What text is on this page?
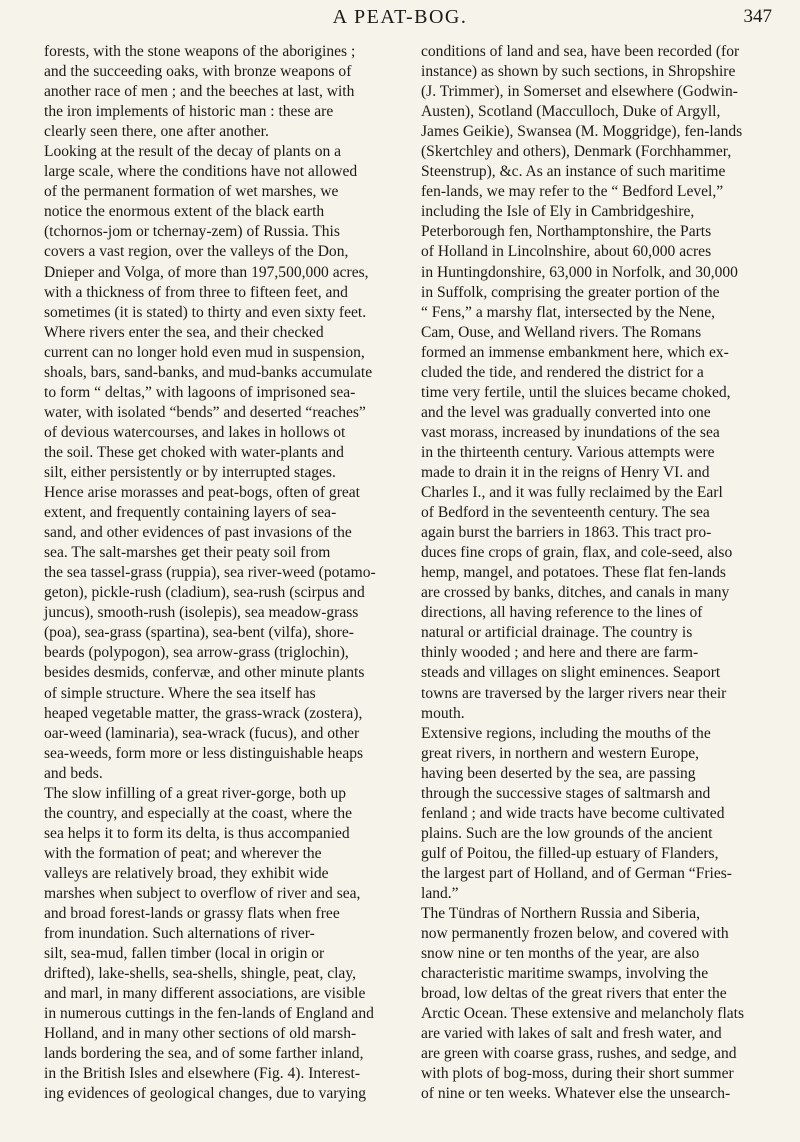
A PEAT-BOG.	347
forests, with the stone weapons of the aborigines ;
and the succeeding oaks, with bronze weapons of
another race of men ; and the beeches at last, with
the iron implements of historic man : these are
clearly seen there, one after another.
Looking at the result of the decay of plants on a
large scale, where the conditions have not allowed
of the permanent formation of wet marshes, we
notice the enormous extent of the black earth
(tchornos-jom or tchernay-zem) of Russia. This
covers a vast region, over the valleys of the Don,
Dnieper and Volga, of more than 197,500,000 acres,
with a thickness of from three to fifteen feet, and
sometimes (it is stated) to thirty and even sixty feet.
Where rivers enter the sea, and their checked
current can no longer hold even mud in suspension,
shoals, bars, sand-banks, and mud-banks accumulate
to form “ deltas,” with lagoons of imprisoned sea-
water, with isolated “bends” and deserted “reaches”
of devious watercourses, and lakes in hollows ot
the soil. These get choked with water-plants and
silt, either persistently or by interrupted stages.
Hence arise morasses and peat-bogs, often of great
extent, and frequently containing layers of sea-
sand, and other evidences of past invasions of the
sea. The salt-marshes get their peaty soil from
the sea tassel-grass (ruppia), sea river-weed (potamo-
geton), pickle-rush (cladium), sea-rush (scirpus and
juncus), smooth-rush (isolepis), sea meadow-grass
(poa), sea-grass (spartina), sea-bent (vilfa), shore-
beards (polypogon), sea arrow-grass (triglochin),
besides desmids, confervæ, and other minute plants
of simple structure. Where the sea itself has
heaped vegetable matter, the grass-wrack (zostera),
oar-weed (laminaria), sea-wrack (fucus), and other
sea-weeds, form more or less distinguishable heaps
and beds.
The slow infilling of a great river-gorge, both up
the country, and especially at the coast, where the
sea helps it to form its delta, is thus accompanied
with the formation of peat; and wherever the
valleys are relatively broad, they exhibit wide
marshes when subject to overflow of river and sea,
and broad forest-lands or grassy flats when free
from inundation. Such alternations of river-
silt, sea-mud, fallen timber (local in origin or
drifted), lake-shells, sea-shells, shingle, peat, clay,
and marl, in many different associations, are visible
in numerous cuttings in the fen-lands of England and
Holland, and in many other sections of old marsh-
lands bordering the sea, and of some farther inland,
in the British Isles and elsewhere (Fig. 4). Interest-
ing evidences of geological changes, due to varying
conditions of land and sea, have been recorded (for
instance) as shown by such sections, in Shropshire
(J. Trimmer), in Somerset and elsewhere (Godwin-
Austen), Scotland (Macculloch, Duke of Argyll,
James Geikie), Swansea (M. Moggridge), fen-lands
(Skertchley and others), Denmark (Forchhammer,
Steenstrup), &c. As an instance of such maritime
fen-lands, we may refer to the “ Bedford Level,”
including the Isle of Ely in Cambridgeshire,
Peterborough fen, Northamptonshire, the Parts
of Holland in Lincolnshire, about 60,000 acres
in Huntingdonshire, 63,000 in Norfolk, and 30,000
in Suffolk, comprising the greater portion of the
“ Fens,” a marshy flat, intersected by the Nene,
Cam, Ouse, and Welland rivers. The Romans
formed an immense embankment here, which ex-
cluded the tide, and rendered the district for a
time very fertile, until the sluices became choked,
and the level was gradually converted into one
vast morass, increased by inundations of the sea
in the thirteenth century. Various attempts were
made to drain it in the reigns of Henry VI. and
Charles I., and it was fully reclaimed by the Earl
of Bedford in the seventeenth century. The sea
again burst the barriers in 1863. This tract pro-
duces fine crops of grain, flax, and cole-seed, also
hemp, mangel, and potatoes. These flat fen-lands
are crossed by banks, ditches, and canals in many
directions, all having reference to the lines of
natural or artificial drainage. The country is
thinly wooded ; and here and there are farm-
steads and villages on slight eminences. Seaport
towns are traversed by the larger rivers near their
mouth.
Extensive regions, including the mouths of the
great rivers, in northern and western Europe,
having been deserted by the sea, are passing
through the successive stages of saltmarsh and
fenland ; and wide tracts have become cultivated
plains. Such are the low grounds of the ancient
gulf of Poitou, the filled-up estuary of Flanders,
the largest part of Holland, and of German “Fries-
land.”
The Tündras of Northern Russia and Siberia,
now permanently frozen below, and covered with
snow nine or ten months of the year, are also
characteristic maritime swamps, involving the
broad, low deltas of the great rivers that enter the
Arctic Ocean. These extensive and melancholy flats
are varied with lakes of salt and fresh water, and
are green with coarse grass, rushes, and sedge, and
with plots of bog-moss, during their short summer
of nine or ten weeks. Whatever else the unsearch-
